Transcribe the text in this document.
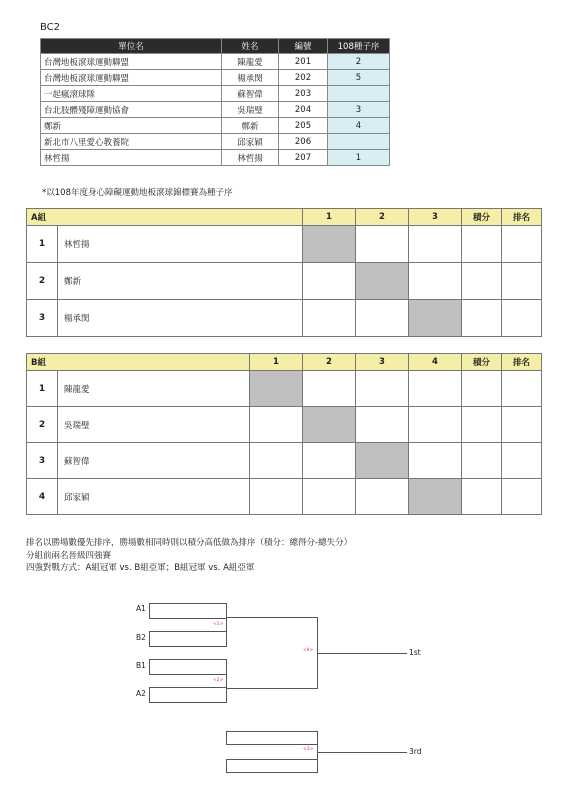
BC2
單位名	姓名	編號	108種子序
台灣地板滾球運動聯盟	陳龍愛	201	2
台灣地板滾球運動聯盟	楊承閔	202	5
一起瘋滾球隊	蘇智偉	203	
台北肢體殘障運動協會	吳瑞璧	204	3
鄭新	鄭新	205	4
新北市八里愛心教養院	邱家穎	206	
林哲揚	林哲揚	207	1
*以108年度身心障礙運動地板滾球錦標賽為種子序
A組		1	2	3	積分	排名
1	林哲揚					
2	鄭新					
3	楊承閔					
B組		1	2	3	4	積分	排名
1	陳龍愛						
2	吳瑞璧						
3	蘇智偉						
4	邱家穎						
排名以勝場數優先排序，勝場數相同時則以積分高低做為排序（積分：總得分-總失分）
分組前兩名晉級四強賽
四強對戰方式：A組冠軍 vs. B組亞軍；B組冠軍 vs. A組亞軍
A1
B2
B1
A2
<1>
<2>
<4>	1st
<3>	3rd
